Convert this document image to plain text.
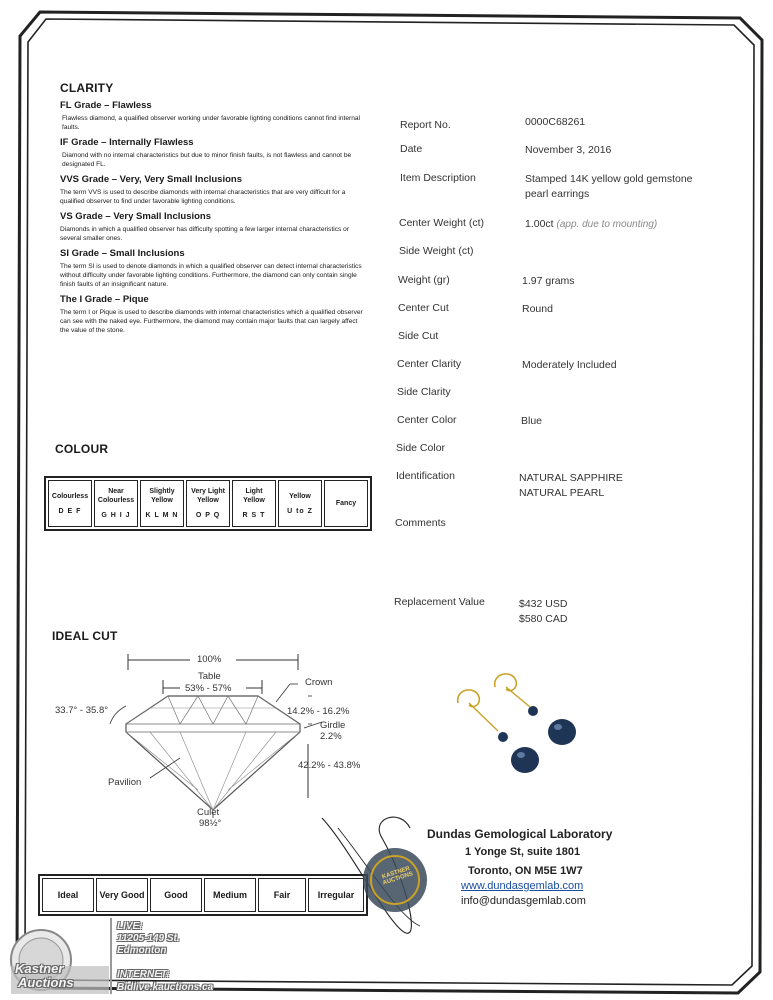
CLARITY
FL Grade – Flawless
Flawless diamond, a qualified observer working under favorable lighting conditions cannot find internal faults.
IF Grade – Internally Flawless
Diamond with no internal characteristics but due to minor finish faults, is not flawless and cannot be designated FL.
VVS Grade – Very, Very Small Inclusions
The term VVS is used to describe diamonds with internal characteristics that are very difficult for a qualified observer to find under favorable lighting conditions.
VS Grade – Very Small Inclusions
Diamonds in which a qualified observer has difficulty spotting a few larger internal characteristics or several smaller ones.
SI Grade – Small Inclusions
The term SI is used to denote diamonds in which a qualified observer can detect internal characteristics without difficulty under favorable lighting conditions. Furthermore, the diamond can only contain single finish faults of an insignificant nature.
The I Grade – Pique
The term I or Pique is used to describe diamonds with internal characteristics which a qualified observer can see with the naked eye. Furthermore, the diamond may contain major faults that can largely affect the value of the stone.
COLOUR
Colourless
D E F
	Near Colourless
G H I J
	Slightly Yellow
K L M N
	Very Light Yellow
O P Q
	Light Yellow
R S T
	Yellow
U to Z
	Fancy
IDEAL CUT
100%
Table
53% - 57%
Crown
33.7° - 35.8°	14.2% - 16.2%
Girdle
2.2%
42.2% - 43.8%
Pavilion
Culet
98½°
Ideal	Very Good	Good	Medium	Fair	Irregular
Report No.	0000C68261
Date	November 3, 2016
Item Description	Stamped 14K yellow gold gemstone pearl earrings
Center Weight (ct)	1.00ct (app. due to mounting)
Side Weight (ct)
Weight (gr)	1.97 grams
Center Cut	Round
Side Cut
Center Clarity	Moderately Included
Side Clarity
Center Color	Blue
Side Color
Identification	NATURAL SAPPHIRE
NATURAL PEARL
Comments
Replacement Value	$432 USD
$580 CAD
KASTNER AUCTIONS
Dundas Gemological Laboratory
1 Yonge St, suite 1801
Toronto, ON M5E 1W7
www.dundasgemlab.com
info@dundasgemlab.com
Kastner
Auctions
LIVE:
11205-149 St.
Edmonton
INTERNET:
Bidlive.kauctions.ca
